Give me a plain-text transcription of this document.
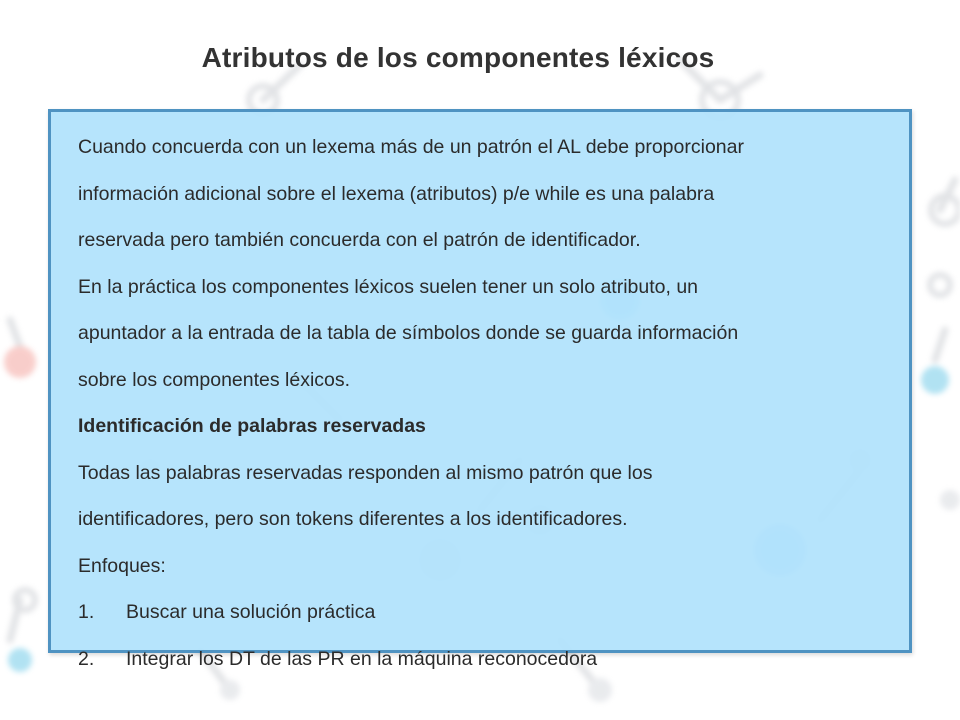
Atributos de los componentes léxicos
Cuando concuerda con un lexema más de un patrón el AL debe proporcionar
información adicional sobre el lexema (atributos) p/e while es una palabra
reservada pero también concuerda con el patrón de identificador.
En la práctica los componentes léxicos suelen tener un solo atributo, un
apuntador a la entrada de la tabla de símbolos donde se guarda información
sobre los componentes léxicos.
Identificación de palabras reservadas
Todas las palabras reservadas responden al mismo patrón que los
identificadores, pero son tokens diferentes a los identificadores.
Enfoques:
1. Buscar una solución práctica
2. Integrar los DT de las PR en la máquina reconocedora
